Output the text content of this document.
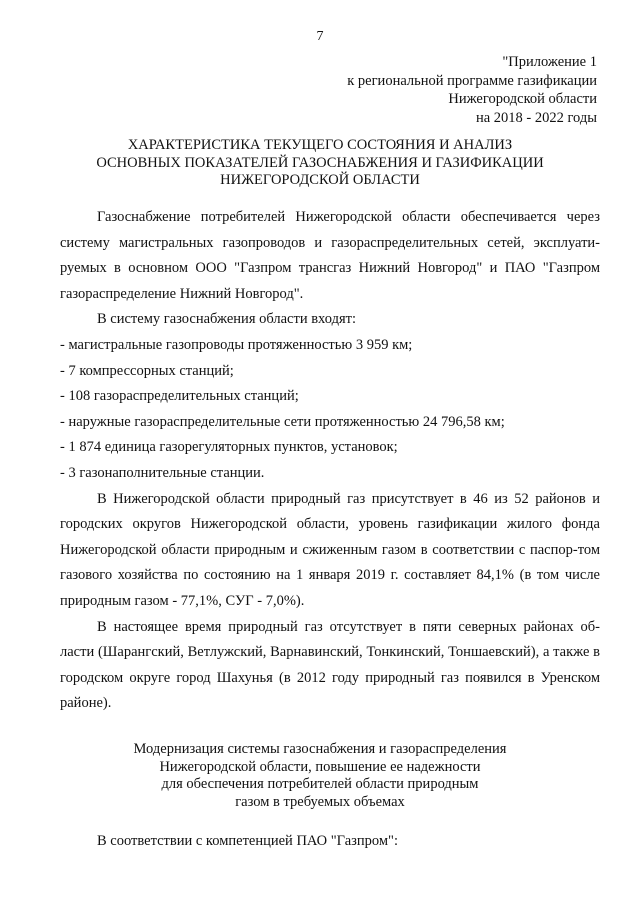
7
"Приложение 1
к региональной программе газификации
Нижегородской области
на 2018 - 2022 годы
ХАРАКТЕРИСТИКА ТЕКУЩЕГО СОСТОЯНИЯ И АНАЛИЗ
ОСНОВНЫХ ПОКАЗАТЕЛЕЙ ГАЗОСНАБЖЕНИЯ И ГАЗИФИКАЦИИ
НИЖЕГОРОДСКОЙ ОБЛАСТИ

Газоснабжение потребителей Нижегородской области обеспечивается через систему магистральных газопроводов и газораспределительных сетей, эксплуати-руемых в основном ООО "Газпром трансгаз Нижний Новгород" и ПАО "Газпром газораспределение Нижний Новгород".

В систему газоснабжения области входят:

- магистральные газопроводы протяженностью 3 959 км;

- 7 компрессорных станций;

- 108 газораспределительных станций;

- наружные газораспределительные сети протяженностью 24 796,58 км;

- 1 874 единица газорегуляторных пунктов, установок;

- 3 газонаполнительные станции.

В Нижегородской области природный газ присутствует в 46 из 52 районов и городских округов Нижегородской области, уровень газификации жилого фонда Нижегородской области природным и сжиженным газом в соответствии с паспор-том газового хозяйства по состоянию на 1 января 2019 г. составляет 84,1% (в том числе природным газом - 77,1%, СУГ - 7,0%).

В настоящее время природный газ отсутствует в пяти северных районах об-ласти (Шарангский, Ветлужский, Варнавинский, Тонкинский, Тоншаевский), а также в городском округе город Шахунья (в 2012 году природный газ появился в Уренском районе).

Модернизация системы газоснабжения и газораспределения
Нижегородской области, повышение ее надежности
для обеспечения потребителей области природным
газом в требуемых объемах
В соответствии с компетенцией ПАО "Газпром":
